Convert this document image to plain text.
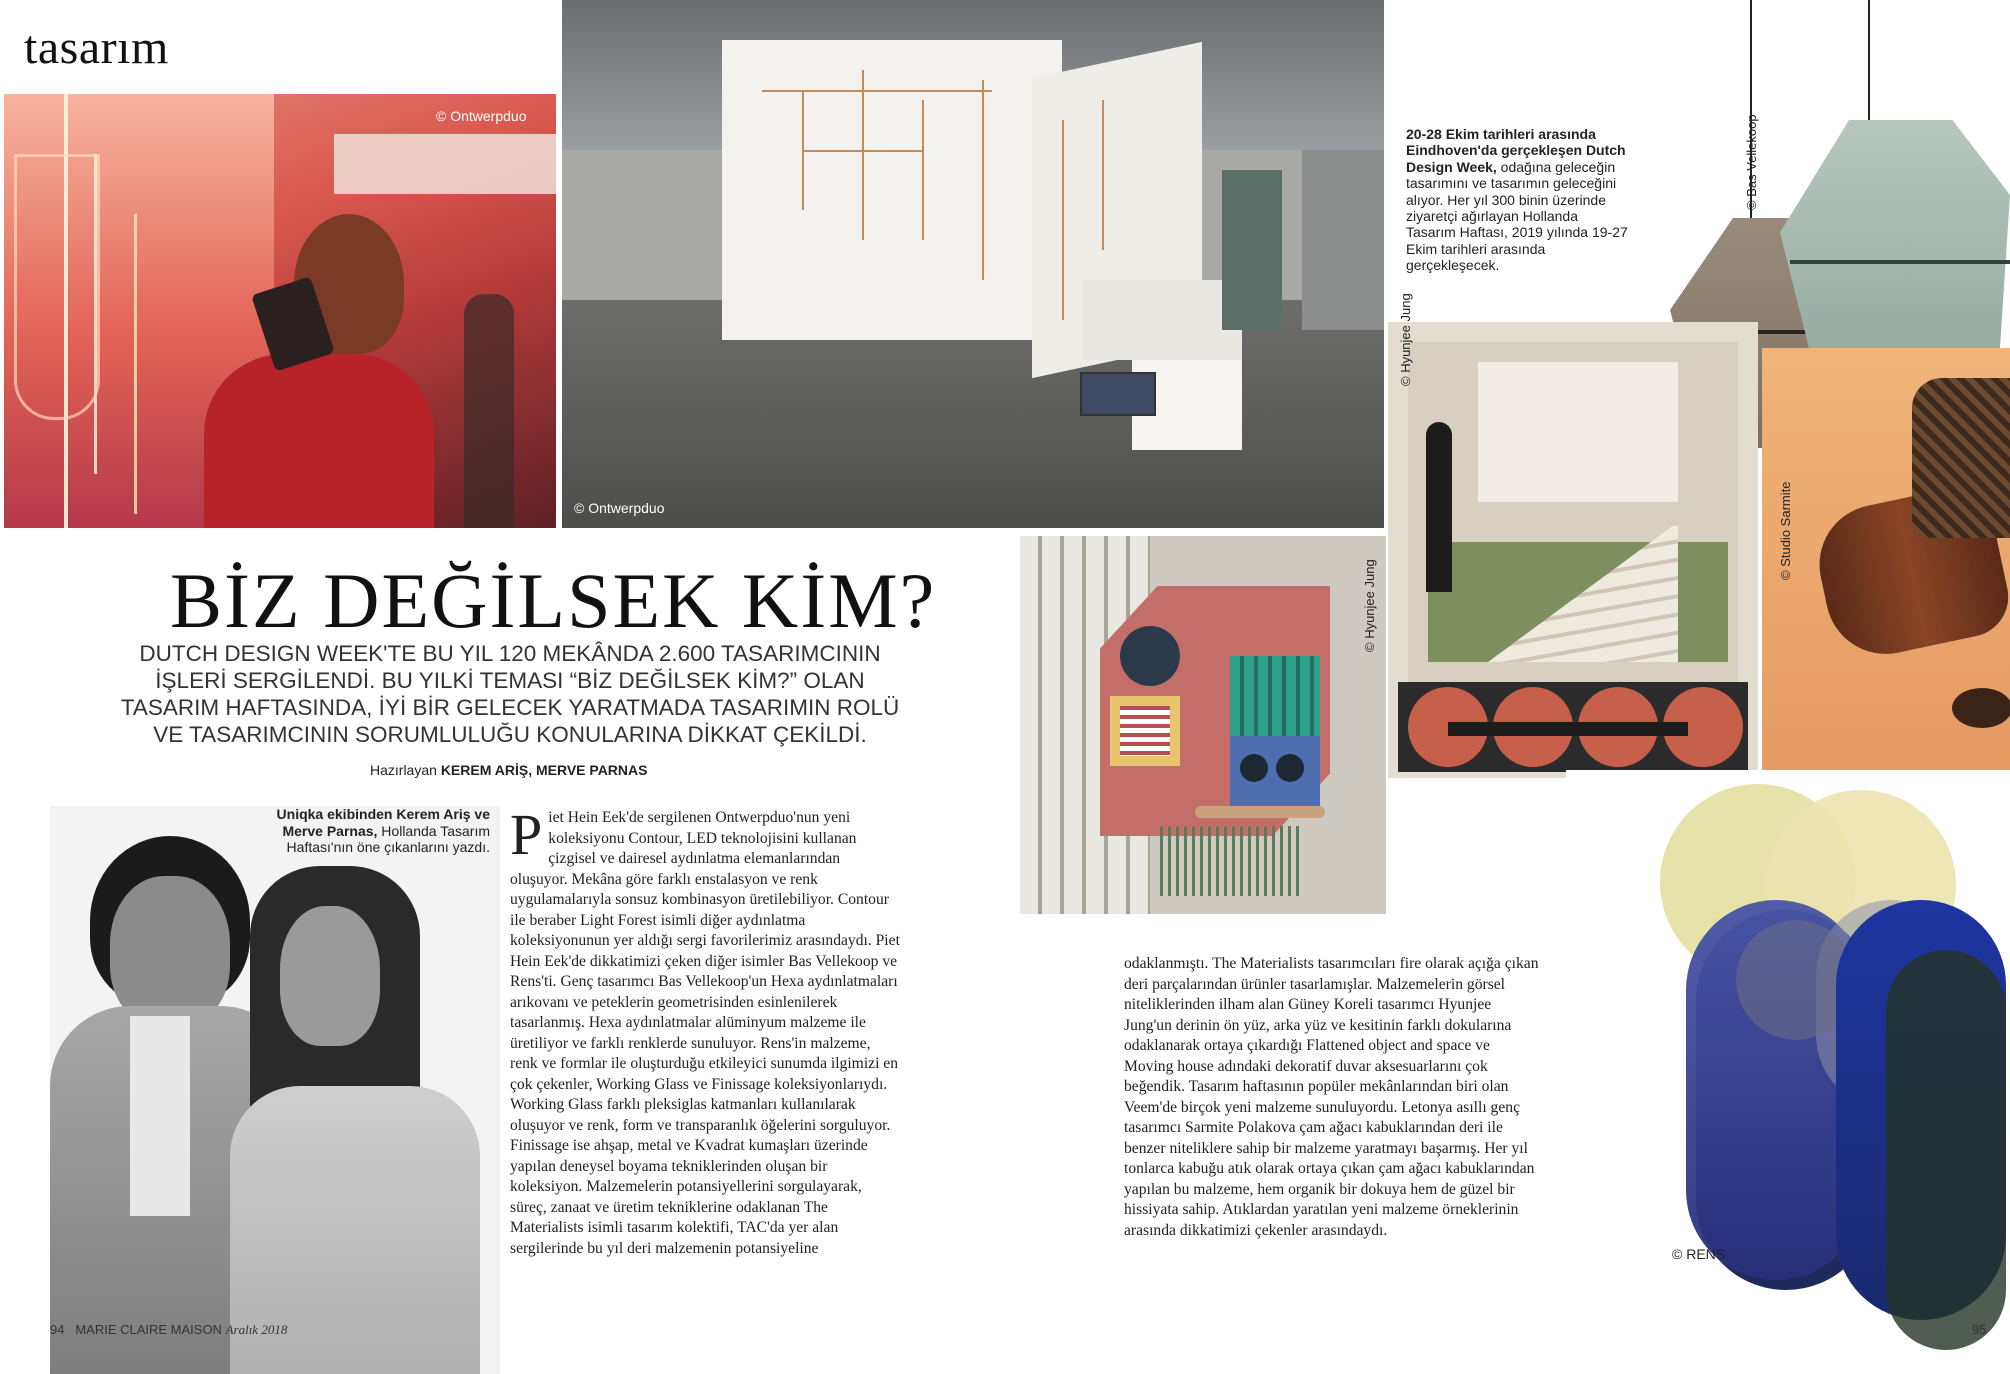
tasarım
© Ontwerpduo
© Ontwerpduo
20-28 Ekim tarihleri arasında Eindhoven'da gerçekleşen Dutch Design Week, odağına geleceğin tasarımını ve tasarımın geleceğini alıyor. Her yıl 300 binin üzerinde ziyaretçi ağırlayan Hollanda Tasarım Haftası, 2019 yılında 19-27 Ekim tarihleri arasında gerçekleşecek.
© Bas Vellekoop
© Hyunjee Jung
© Studio Sarmite
© Hyunjee Jung
© RENS
BİZ DEĞİLSEK KİM?
DUTCH DESIGN WEEK'TE BU YIL 120 MEKÂNDA 2.600 TASARIMCININ İŞLERİ SERGİLENDİ. BU YILKİ TEMASI “BİZ DEĞİLSEK KİM?” OLAN TASARIM HAFTASINDA, İYİ BİR GELECEK YARATMADA TASARIMIN ROLÜ VE TASARIMCININ SORUMLULUĞU KONULARINA DİKKAT ÇEKİLDİ.
Hazırlayan KEREM ARİŞ, MERVE PARNAS
Uniqka ekibinden Kerem Ariş ve Merve Parnas, Hollanda Tasarım Haftası'nın öne çıkanlarını yazdı. P iet Hein Eek'de sergilenen Ontwerpduo'nun yeni koleksiyonu Contour, LED teknolojisini kullanan çizgisel ve dairesel aydınlatma elemanlarından oluşuyor. Mekâna göre farklı enstalasyon ve renk uygulamalarıyla sonsuz kombinasyon üretilebiliyor. Contour ile beraber Light Forest isimli diğer aydınlatma koleksiyonunun yer aldığı sergi favorilerimiz arasındaydı. Piet Hein Eek'de dikkatimizi çeken diğer isimler Bas Vellekoop ve Rens'ti. Genç tasarımcı Bas Vellekoop'un Hexa aydınlatmaları arıkovanı ve peteklerin geometrisinden esinlenilerek tasarlanmış. Hexa aydınlatmalar alüminyum malzeme ile üretiliyor ve farklı renklerde sunuluyor. Rens'in malzeme, renk ve formlar ile oluşturduğu etkileyici sunumda ilgimizi en çok çekenler, Working Glass ve Finissage koleksiyonlarıydı. Working Glass farklı pleksiglas katmanları kullanılarak oluşuyor ve renk, form ve transparanlık öğelerini sorguluyor. Finissage ise ahşap, metal ve Kvadrat kumaşları üzerinde yapılan deneysel boyama tekniklerinden oluşan bir koleksiyon. Malzemelerin potansiyellerini sorgulayarak, süreç, zanaat ve üretim tekniklerine odaklanan The Materialists isimli tasarım kolektifi, TAC'da yer alan sergilerinde bu yıl deri malzemenin potansiyeline

odaklanmıştı. The Materialists tasarımcıları fire olarak açığa çıkan deri parçalarından ürünler tasarlamışlar. Malzemelerin görsel niteliklerinden ilham alan Güney Koreli tasarımcı Hyunjee Jung'un derinin ön yüz, arka yüz ve kesitinin farklı dokularına odaklanarak ortaya çıkardığı Flattened object and space ve Moving house adındaki dekoratif duvar aksesuarlarını çok beğendik. Tasarım haftasının popüler mekânlarından biri olan Veem'de birçok yeni malzeme sunuluyordu. Letonya asıllı genç tasarımcı Sarmite Polakova çam ağacı kabuklarından deri ile benzer niteliklere sahip bir malzeme yaratmayı başarmış. Her yıl tonlarca kabuğu atık olarak ortaya çıkan çam ağacı kabuklarından yapılan bu malzeme, hem organik bir dokuya hem de güzel bir hissiyata sahip. Atıklardan yaratılan yeni malzeme örneklerinin arasında dikkatimizi çekenler arasındaydı.

94 MARIE CLAIRE MAISON Aralık 2018	95
